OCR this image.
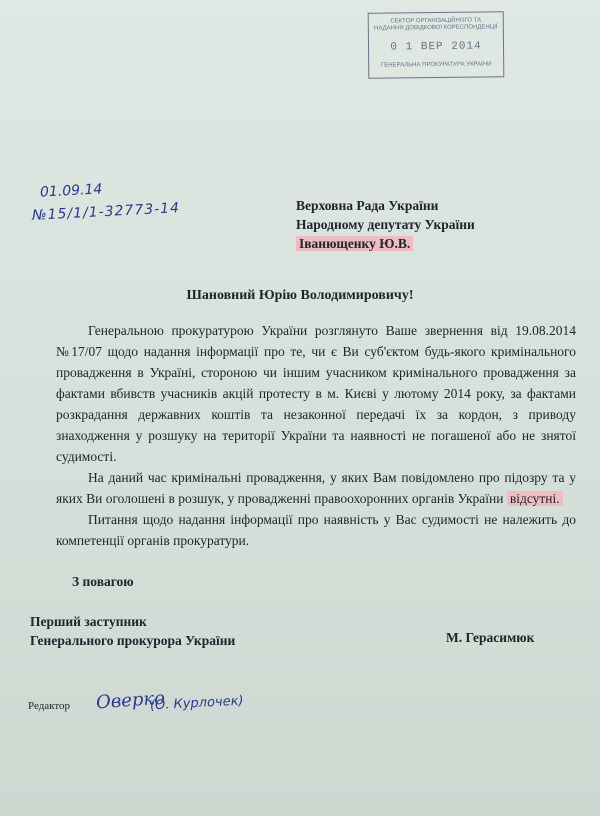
СЕКТОР ОРГАНІЗАЦІЙНОГО ТА
НАДАННЯ ДОВІДКОВОЇ КОРЕСПОНДЕНЦІЇ
0 1 ВЕР 2014
ГЕНЕРАЛЬНА ПРОКУРАТУРА УКРАЇНИ
01.09.14
№15/1/1-32773-14	Верховна Рада України
Народному депутату України
Іванющенку Ю.В.
Шановний Юрію Володимировичу!

Генеральною прокуратурою України розглянуто Ваше звернення від 19.08.2014 №17/07 щодо надання інформації про те, чи є Ви суб'єктом будь-якого кримінального провадження в Україні, стороною чи іншим учасником кримінального провадження за фактами вбивств учасників акцій протесту в м. Києві у лютому 2014 року, за фактами розкрадання державних коштів та незаконної передачі їх за кордон, з приводу знаходження у розшуку на території України та наявності не погашеної або не знятої судимості.

На даний час кримінальні провадження, у яких Вам повідомлено про підозру та у яких Ви оголошені в розшук, у провадженні правоохоронних органів України відсутні.

Питання щодо надання інформації про наявність у Вас судимості не належить до компетенції органів прокуратури.

З повагою
Перший заступник
Генерального прокурора України	М. Герасимюк
Редактор Оверко
(О. Курлочек)
